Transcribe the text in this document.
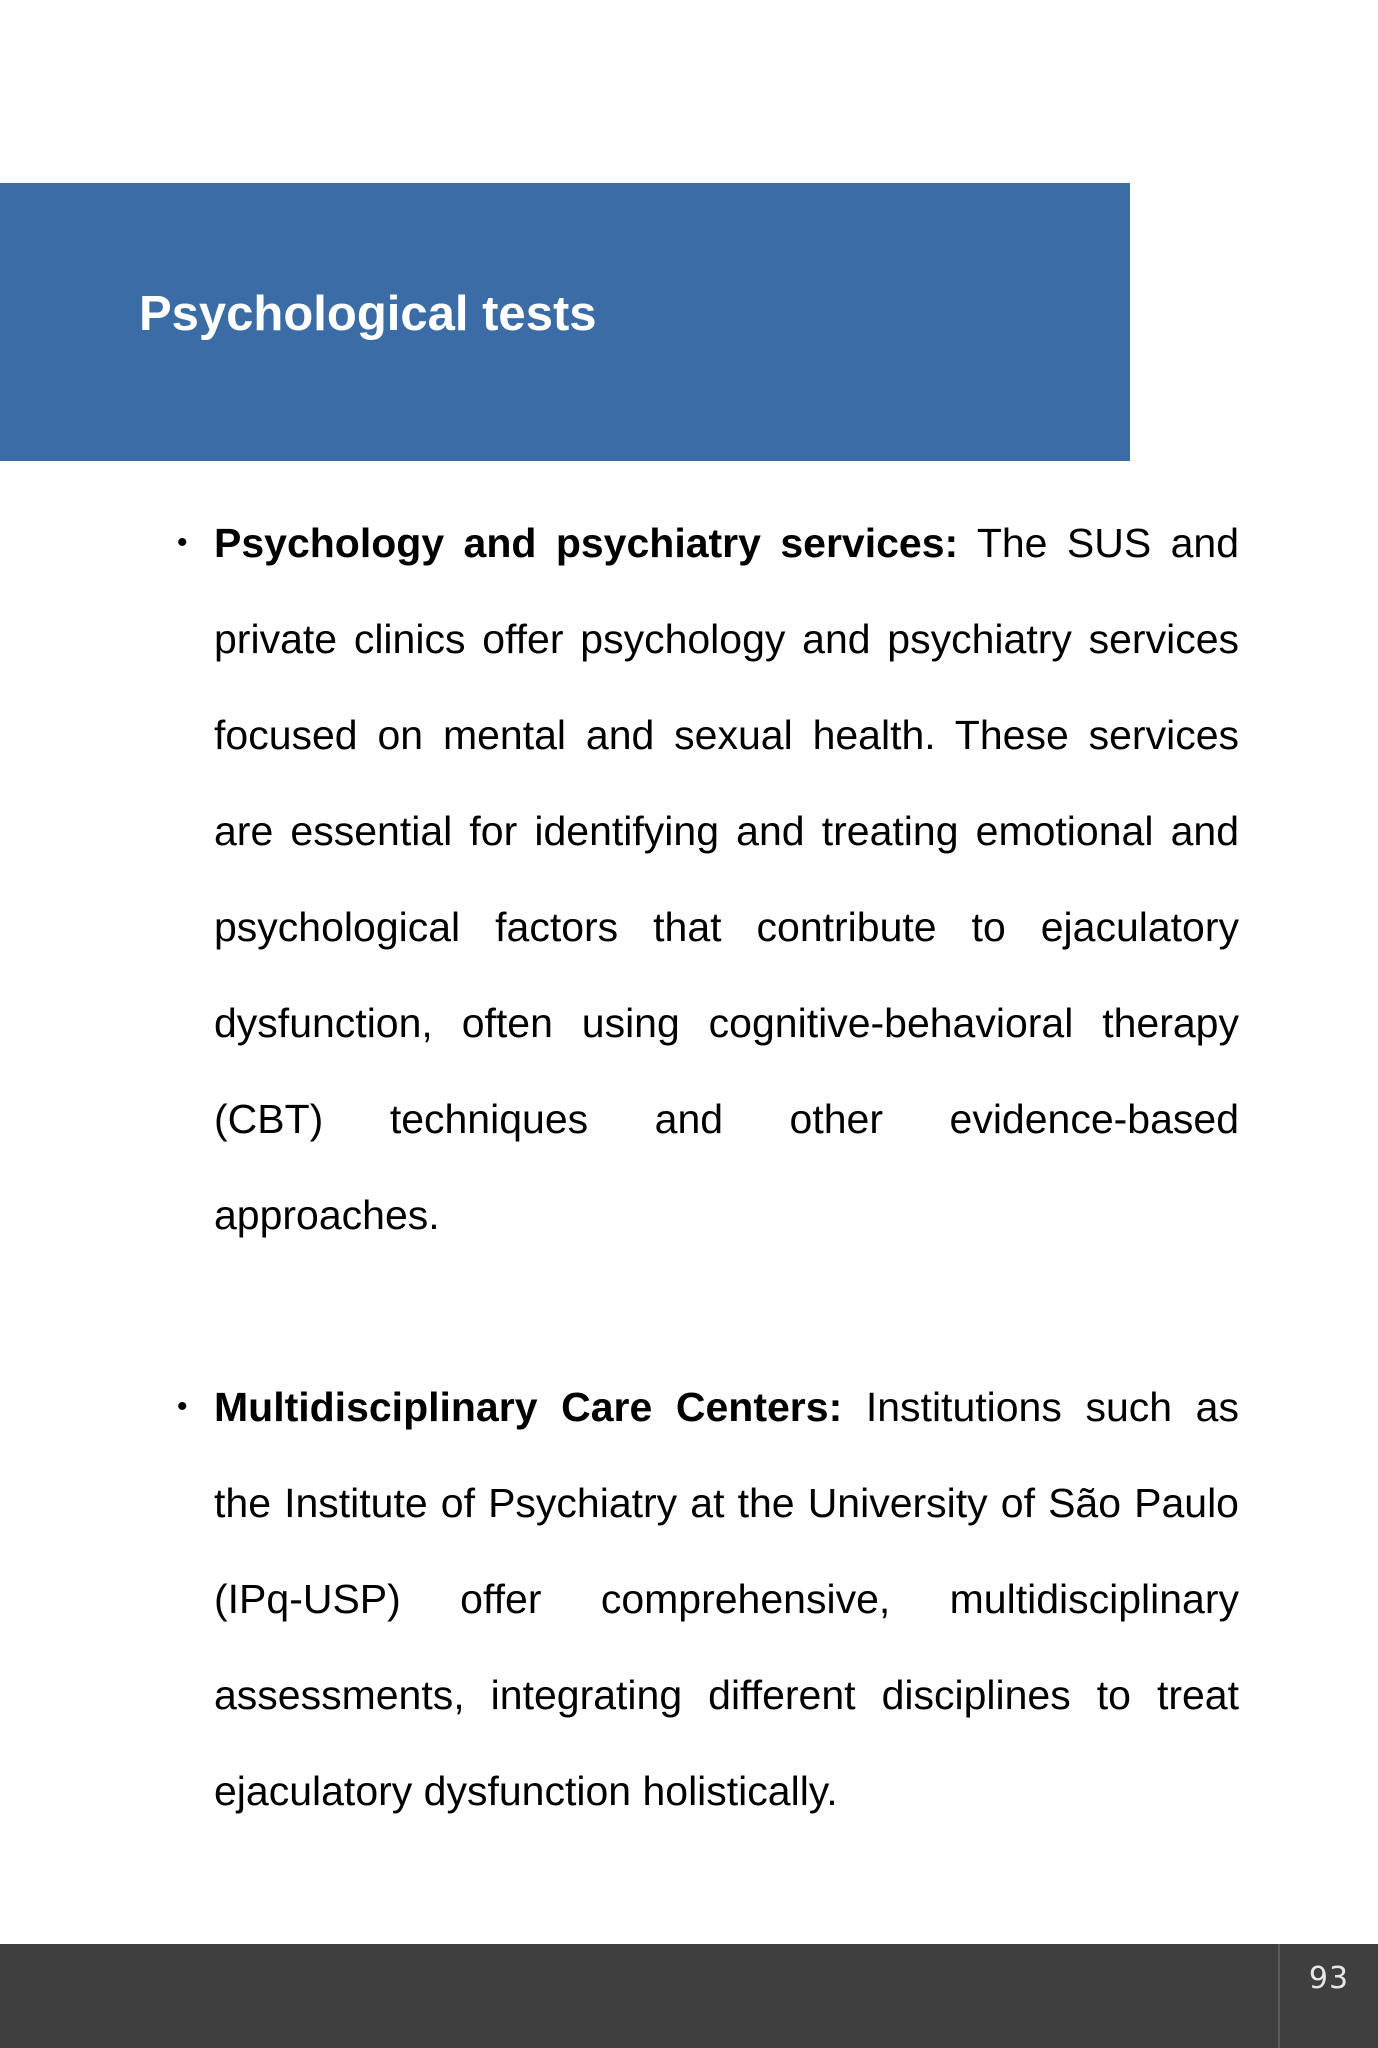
Psychological tests

• Psychology and psychiatry services: The SUS and private clinics offer psychology and psychiatry services focused on mental and sexual health. These services are essential for identifying and treating emotional and psychological factors that contribute to ejaculatory dysfunction, often using cognitive-behavioral therapy (CBT) techniques and other evidence-based approaches.

• Multidisciplinary Care Centers: Institutions such as the Institute of Psychiatry at the University of São Paulo (IPq-USP) offer comprehensive, multidisciplinary assessments, integrating different disciplines to treat ejaculatory dysfunction holistically.

93
